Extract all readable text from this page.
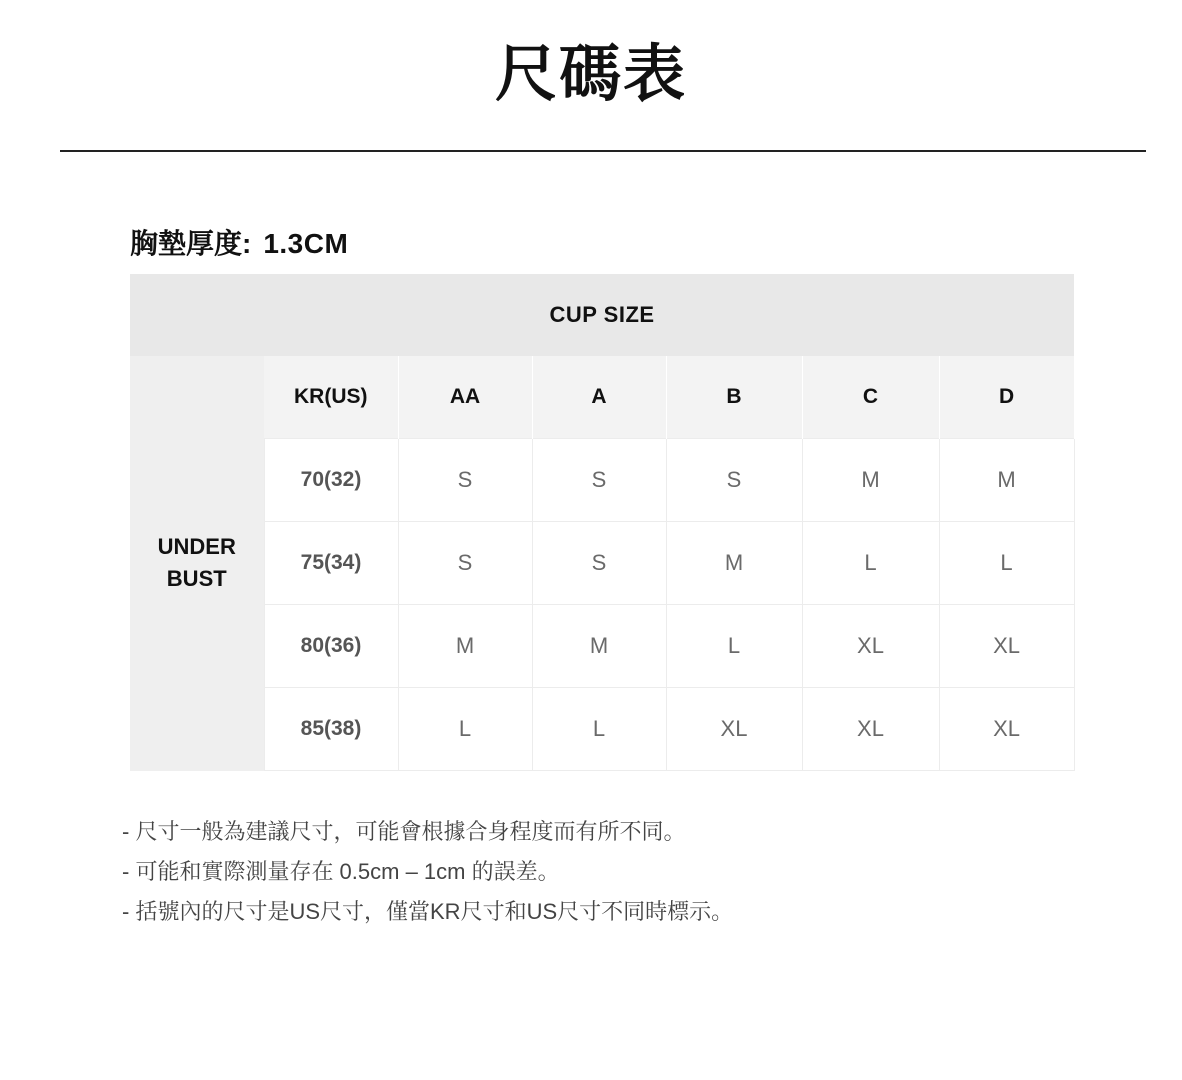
尺碼表
胸墊厚度: 1.3CM
CUP SIZE						

UNDER
BUST	KR(US)	AA	A	B	C	D
	70(32)	S	S	S	M	M
	75(34)	S	S	M	L	L
	80(36)	M	M	L	XL	XL
	85(38)	L	L	XL	XL	XL
- 尺寸一般為建議尺寸，可能會根據合身程度而有所不同。
- 可能和實際測量存在 0.5cm – 1cm 的誤差。
- 括號內的尺寸是US尺寸，僅當KR尺寸和US尺寸不同時標示。
